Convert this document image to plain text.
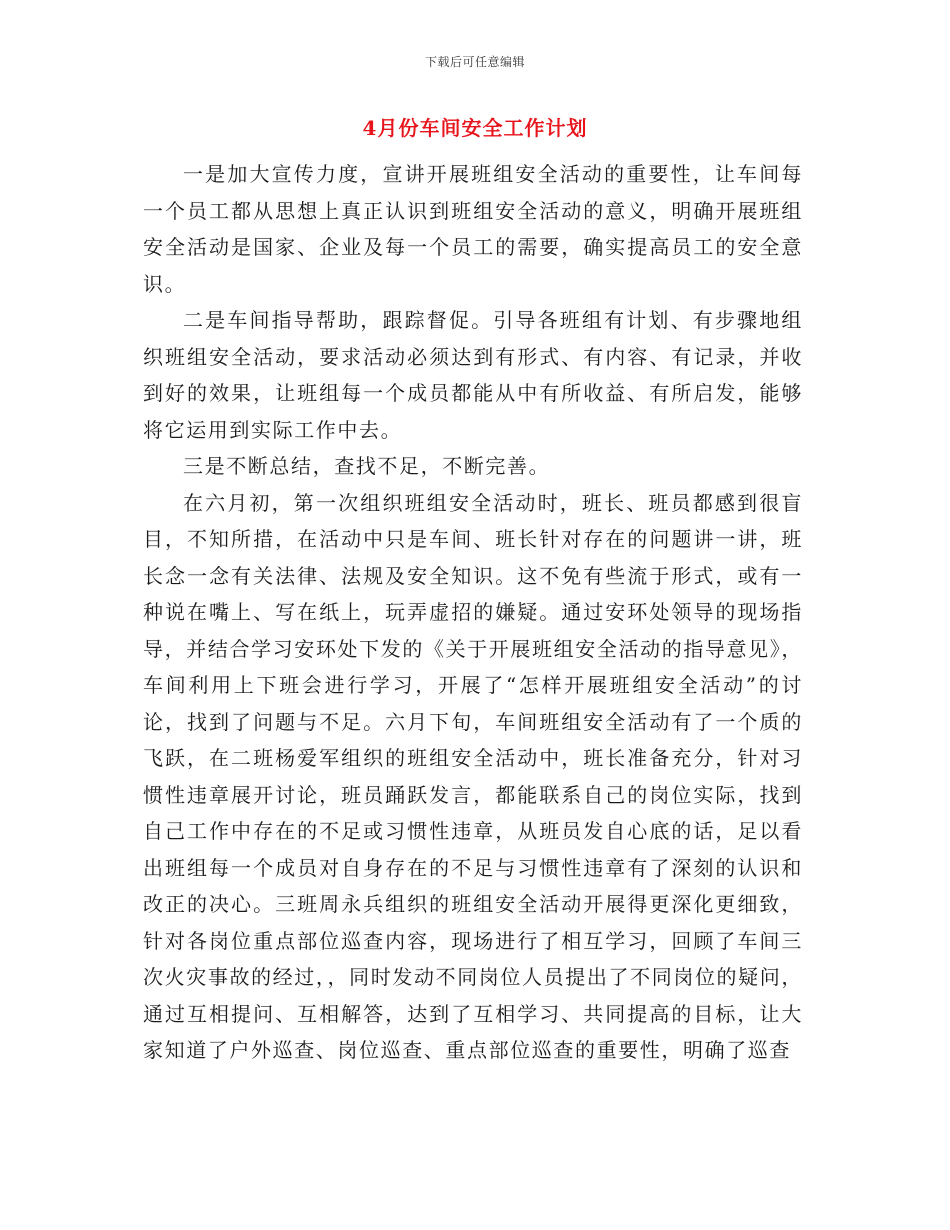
下载后可任意编辑
4月份车间安全工作计划

一是加大宣传力度，宣讲开展班组安全活动的重要性，让车间每一个员工都从思想上真正认识到班组安全活动的意义，明确开展班组安全活动是国家、企业及每一个员工的需要，确实提高员工的安全意识。

二是车间指导帮助，跟踪督促。引导各班组有计划、有步骤地组织班组安全活动，要求活动必须达到有形式、有内容、有记录，并收到好的效果，让班组每一个成员都能从中有所收益、有所启发，能够将它运用到实际工作中去。

三是不断总结，查找不足，不断完善。

在六月初，第一次组织班组安全活动时，班长、班员都感到很盲目，不知所措，在活动中只是车间、班长针对存在的问题讲一讲，班长念一念有关法律、法规及安全知识。这不免有些流于形式，或有一种说在嘴上、写在纸上，玩弄虚招的嫌疑。通过安环处领导的现场指导，并结合学习安环处下发的《关于开展班组安全活动的指导意见》，车间利用上下班会进行学习，开展了“怎样开展班组安全活动”的讨论，找到了问题与不足。六月下旬，车间班组安全活动有了一个质的飞跃，在二班杨爱军组织的班组安全活动中，班长准备充分，针对习惯性违章展开讨论，班员踊跃发言，都能联系自己的岗位实际，找到自己工作中存在的不足或习惯性违章，从班员发自心底的话，足以看出班组每一个成员对自身存在的不足与习惯性违章有了深刻的认识和改正的决心。三班周永兵组织的班组安全活动开展得更深化更细致，针对各岗位重点部位巡查内容，现场进行了相互学习，回顾了车间三次火灾事故的经过，，同时发动不同岗位人员提出了不同岗位的疑问，通过互相提问、互相解答，达到了互相学习、共同提高的目标，让大家知道了户外巡查、岗位巡查、重点部位巡查的重要性，明确了巡查
